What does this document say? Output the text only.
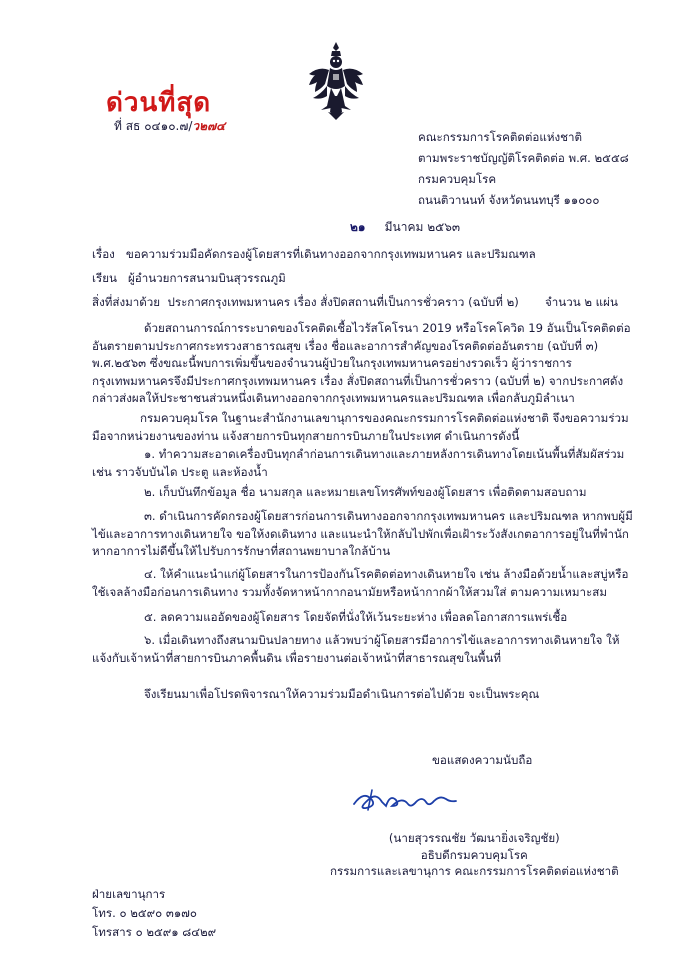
ด่วนที่สุด
ที่ สธ ๐๔๑๐.๗/ว๒๗๔
คณะกรรมการโรคติดต่อแห่งชาติ
ตามพระราชบัญญัติโรคติดต่อ พ.ศ. ๒๕๕๘
กรมควบคุมโรค
ถนนติวานนท์ จังหวัดนนทบุรี ๑๑๐๐๐
๒๑ มีนาคม ๒๕๖๓
เรื่อง ขอความร่วมมือคัดกรองผู้โดยสารที่เดินทางออกจากกรุงเทพมหานคร และปริมณฑล
เรียน ผู้อำนวยการสนามบินสุวรรณภูมิ
สิ่งที่ส่งมาด้วย ประกาศกรุงเทพมหานคร เรื่อง สั่งปิดสถานที่เป็นการชั่วคราว (ฉบับที่ ๒) จำนวน ๒ แผ่น
ด้วยสถานการณ์การระบาดของโรคติดเชื้อไวรัสโคโรนา 2019 หรือโรคโควิด 19 อันเป็นโรคติดต่ออันตรายตามประกาศกระทรวงสาธารณสุข เรื่อง ชื่อและอาการสำคัญของโรคติดต่ออันตราย (ฉบับที่ ๓) พ.ศ.๒๕๖๓ ซึ่งขณะนี้พบการเพิ่มขึ้นของจำนวนผู้ป่วยในกรุงเทพมหานครอย่างรวดเร็ว ผู้ว่าราชการกรุงเทพมหานครจึงมีประกาศกรุงเทพมหานคร เรื่อง สั่งปิดสถานที่เป็นการชั่วคราว (ฉบับที่ ๒) จากประกาศดังกล่าวส่งผลให้ประชาชนส่วนหนึ่งเดินทางออกจากกรุงเทพมหานครและปริมณฑล เพื่อกลับภูมิลำเนา
กรมควบคุมโรค ในฐานะสำนักงานเลขานุการของคณะกรรมการโรคติดต่อแห่งชาติ จึงขอความร่วมมือจากหน่วยงานของท่าน แจ้งสายการบินทุกสายการบินภายในประเทศ ดำเนินการดังนี้
๑. ทำความสะอาดเครื่องบินทุกลำก่อนการเดินทางและภายหลังการเดินทางโดยเน้นพื้นที่สัมผัสร่วม เช่น ราวจับบันได ประตู และห้องน้ำ
๒. เก็บบันทึกข้อมูล ชื่อ นามสกุล และหมายเลขโทรศัพท์ของผู้โดยสาร เพื่อติดตามสอบถาม
๓. ดำเนินการคัดกรองผู้โดยสารก่อนการเดินทางออกจากกรุงเทพมหานคร และปริมณฑล หากพบผู้มีไข้และอาการทางเดินหายใจ ขอให้งดเดินทาง และแนะนำให้กลับไปพักเพื่อเฝ้าระวังสังเกตอาการอยู่ในที่พำนัก หากอาการไม่ดีขึ้นให้ไปรับการรักษาที่สถานพยาบาลใกล้บ้าน
๔. ให้คำแนะนำแก่ผู้โดยสารในการป้องกันโรคติดต่อทางเดินหายใจ เช่น ล้างมือด้วยน้ำและสบู่หรือใช้เจลล้างมือก่อนการเดินทาง รวมทั้งจัดหาหน้ากากอนามัยหรือหน้ากากผ้าให้สวมใส่ ตามความเหมาะสม
๕. ลดความแออัดของผู้โดยสาร โดยจัดที่นั่งให้เว้นระยะห่าง เพื่อลดโอกาสการแพร่เชื้อ
๖. เมื่อเดินทางถึงสนามบินปลายทาง แล้วพบว่าผู้โดยสารมีอาการไข้และอาการทางเดินหายใจ ให้แจ้งกับเจ้าหน้าที่สายการบินภาคพื้นดิน เพื่อรายงานต่อเจ้าหน้าที่สาธารณสุขในพื้นที่
จึงเรียนมาเพื่อโปรดพิจารณาให้ความร่วมมือดำเนินการต่อไปด้วย จะเป็นพระคุณ
ขอแสดงความนับถือ
(นายสุวรรณชัย วัฒนายิ่งเจริญชัย)
อธิบดีกรมควบคุมโรค
กรรมการและเลขานุการ คณะกรรมการโรคติดต่อแห่งชาติ
ฝ่ายเลขานุการ
โทร. ๐ ๒๕๙๐ ๓๑๗๐
โทรสาร ๐ ๒๕๙๑ ๘๔๒๙
